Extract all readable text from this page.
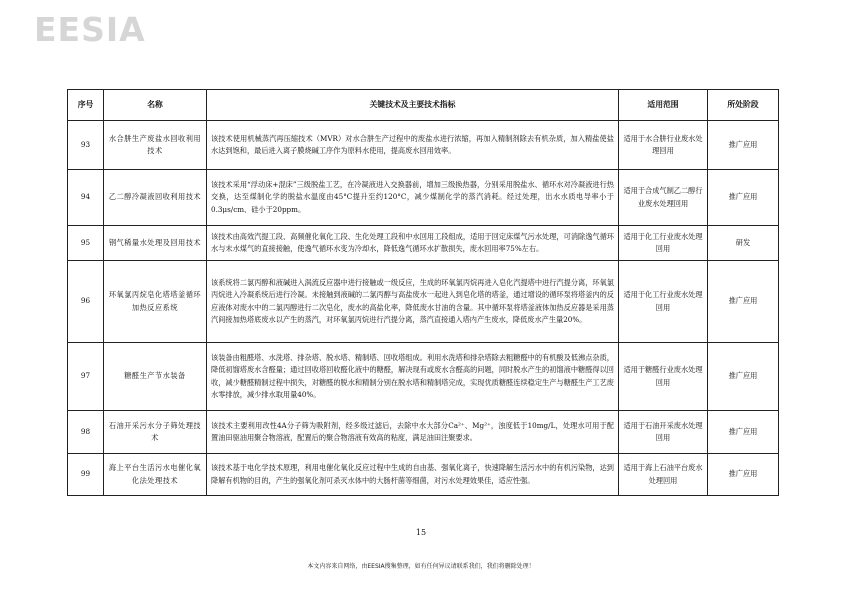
EESIA
序号	名称	关键技术及主要技术指标	适用范围	所处阶段
93	水合肼生产废盐水回收利用技术	该技术使用机械蒸汽再压缩技术（MVR）对水合肼生产过程中的废盐水进行浓缩，再加入精制剂除去有机杂质，加入精盐使盐水达到饱和，最后进入离子膜烧碱工序作为原料水使用，提高废水回用效率。	适用于水合肼行业废水处理回用	推广应用
94	乙二醇冷凝液回收利用技术	该技术采用“浮动床+混床”三级脱盐工艺，在冷凝液进入交换器前，增加三级换热器，分别采用脱盐水、循环水对冷凝液进行热交换，达至煤制化学的脱盐水温度由45°C提升至约120°C，减少煤制化学的蒸汽消耗。经过处理，出水水质电导率小于0.3μs/cm、硅小于20ppm。	适用于合成气制乙二醇行业废水处理回用	推广应用
95	钢气稀量水处理及回用技术	该技术由高效汽提工段、高频催化氧化工段、生化处理工段和中水回用工段组成，适用于回定床煤气污水处理，可消除逸气循环水与末水煤气的直接接触，使逸气循环水变为冷却水，降低逸气循环水扩散损失，废水回用率75%左右。	适用于化工行业废水处理回用	研发
96	环氧氯丙烷皂化塔塔釜循环加热反应系统	该系统将二氯丙醇和液碱进入涡流反应器中进行接触或一级反应，生成的环氧氯丙烷再进入皂化汽提塔中进行汽提分离，环氧氯丙烷进入冷凝系统后进行冷凝。未接触到液碱的二氯丙醇与高盐废水一起进入到皂化塔的塔釜，通过增设的循环泵将塔釜内的反应液体对废水中的二氯丙醇进行二次皂化，废水的高盐化率，降低废水甘油的含量。其中循环泵将塔釜液体加热反应器是采用蒸汽间接加热塔底废水以产生的蒸汽，对环氧氯丙烷进行汽提分离，蒸汽直接通入塔内产生废水，降低废水产生量20%。	适用于化工行业废水处理回用	推广应用
97	糖醛生产节水装备	该装备由粗醛塔、水洗塔、排杂塔、脱水塔、精制塔、回收塔组成。利用水洗塔和排杂塔除去粗糖醛中的有机酸及低沸点杂质，降低初馏塔废水含醛量；通过回收塔回收醛化液中的糖醛，解决现有或废水含醛高的问题，同时脱水产生的初馏液中糖醛得以回收，减少糖醛精制过程中损失，对糖醛的脱水和精制分别在脱水塔和精制塔完成，实现优质糖醛连续稳定生产与糖醛生产工艺废水零排放，减少排水取用量40%。	适用于糖醛行业废水处理回用	推广应用
98	石油开采污水分子筛处理技术	该技术主要利用改性4A分子筛为吸附剂，经多级过滤后，去除中水大部分Ca²⁺、Mg²⁺，浊度低于10mg/L，处理水可用于配置油田驱油用聚合物溶液，配置后的聚合物溶液有效高的粘度，满足油田注聚要求。	适用于石油开采废水处理回用	推广应用
99	海上平台生活污水电催化氧化法处理技术	该技术基于电化学技术原理，利用电催化氧化反应过程中生成的自由基、强氧化离子，快速降解生活污水中的有机污染物，达到降解有机物的目的，产生的强氧化剂可杀灭水体中的大肠杆菌等细菌，对污水处理效果佳，适应性强。	适用于海上石油平台废水处理回用	推广应用
15
本文内容来自网络，由EESIA搜集整理，如有任何异议请联系我们，我们将删除处理！
